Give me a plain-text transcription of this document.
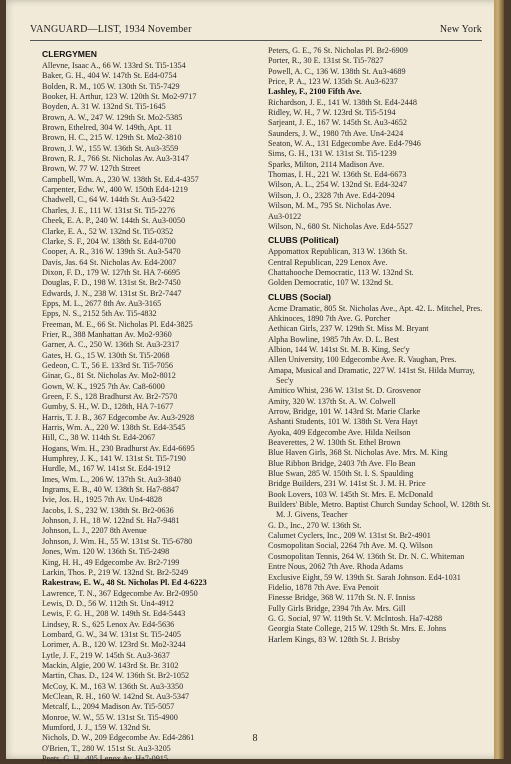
VANGUARD—LIST, 1934 November	New York
CLERGYMEN
Allevne, Isaac A., 66 W. 133rd St. Ti5-1354
Baker, G. H., 404 W. 147th St. Ed4-0754
Bolden, R. M., 105 W. 130th St. Ti5-7429
Booker, H. Arthur, 123 W. 120th St. Mo2-9717
Boyden, A. 31 W. 132nd St. Ti5-1645
Brown, A. W., 247 W. 129th St. Mo2-5385
Brown, Ethelred, 304 W. 149th, Apt. 11
Brown, H. C., 215 W. 129th St. Mo2-3810
Brown, J. W., 155 W. 136th St. Au3-3559
Brown, R. J., 766 St. Nicholas Av. Au3-3147
Brown, W. 77 W. 127th Street
Campbell, Wm. A., 230 W. 138th St. Ed.4-4357
Carpenter, Edw. W., 400 W. 150th Ed4-1219
Chadwell, C., 64 W. 144th St. Au3-5422
Charles, J. E., 111 W. 131st St. Ti5-2276
Cheek, E. A. P., 240 W. 144th St. Au3-0050
Clarke, E. A., 52 W. 132nd St. Ti5-0352
Clarke, S. F., 204 W. 138th St. Ed4-0700
Cooper, A. R., 316 W. 139th St. Au3-5470
Davis, Jas. 64 St. Nicholas Av. Ed4-2007
Dixon, F. D., 179 W. 127th St. HA 7-6695
Douglas, F. D., 198 W. 131st St. Br2-7450
Edwards, J. N., 238 W. 131st St. Br2-7447
Epps, M. L., 2677 8th Av. Au3-3165
Epps, N. S., 2152 5th Av. Ti5-4832
Freeman, M. E., 66 St. Nicholas Pl. Ed4-3825
Frier, R., 388 Manhattan Av. Mo2-9360
Garner, A. C., 250 W. 136th St. Au3-2317
Gates, H. G., 15 W. 130th St. Ti5-2068
Gedeon, C. T., 56 E. 133rd St. Ti5-7056
Ginar, G., 81 St. Nicholas Av. Mo2-8012
Gown, W. K., 1925 7th Av. Ca8-6000
Green, F. S., 128 Bradhurst Av. Br2-7570
Gumby, S. H., W. D., 128th, HA 7-1677
Harris, T. J. B., 367 Edgecombe Av. Au3-2928
Harris, Wm. A., 220 W. 138th St. Ed4-3545
Hill, C., 38 W. 114th St. Ed4-2067
Hogans, Wm. H., 230 Bradhurst Av. Ed4-6695
Humphrey, J. K., 141 W. 131st St. Ti5-7190
Hurdle, M., 167 W. 141st St. Ed4-1912
Imes, Wm. L., 206 W. 137th St. Au3-3840
Ingrams, E. B., 40 W. 138th St. Ha7-8847
Ivie, Jos. H., 1925 7th Av. Un4-4828
Jacobs, I. S., 232 W. 138th St. Br2-0636
Johnson, J. H., 18 W. 122nd St. Ha7-9481
Johnson, L. J., 2207 8th Avenue
Johnson, J. Wm. H., 55 W. 131st St. Ti5-6780
Jones, Wm. 120 W. 136th St. Ti5-2498
King, H. H., 49 Edgecombe Av. Br2-7199
Larkin, Thos. P., 219 W. 132nd St. Br2-5249
Rakestraw, E. W., 48 St. Nicholas Pl. Ed 4-6223
Lawrence, T. N., 367 Edgecombe Av. Br2-0950
Lewis, D. D., 56 W. 112th St. Un4-4912
Lewis, F. G. H., 208 W. 149th St. Ed4-5443
Lindsey, R. S., 625 Lenox Av. Ed4-5636
Lombard, G. W., 34 W. 131st St. Ti5-2405
Lorimer, A. B., 120 W. 123rd St. Mo2-3244
Lytle, J. F., 219 W. 145th St. Au3-3637
Mackin, Algie, 200 W. 143rd St. Br. 3102
Martin, Chas. D., 124 W. 136th St. Br2-1052
McCoy, K. M., 163 W. 136th St. Au3-3350
McClean, R. H., 160 W. 142nd St. Au3-5347
Metcalf, L., 2094 Madison Av. Ti5-5057
Monroe, W. W., 55 W. 131st St. Ti5-4900
Mumford, J. J., 159 W. 132nd St.
Nichols, D. W., 209 Edgecombe Av. Ed4-2861
O'Brien, T., 280 W. 151st St. Au3-3205
Peets, G. H., 405 Lenox Av. Ha7-0915
Peters, G. E., 76 St. Nicholas Pl. Br2-6909
Porter, R., 30 E. 131st St. Ti5-7827
Powell, A. C., 136 W. 138th St. Au3-4689
Price, P. A., 123 W. 135th St. Au3-6237
Lashley, F., 2100 Fifth Ave.
Richardson, J. E., 141 W. 138th St. Ed4-2448
Ridley, W. H., 7 W. 123rd St. Ti5-5194
Sarjeant, J. E., 167 W. 145th St. Au3-4652
Saunders, J. W., 1980 7th Ave. Un4-2424
Seaton, W. A., 131 Edgecombe Ave. Ed4-7946
Sims, G. H., 131 W. 131st St. Ti5-1239
Sparks, Milton, 2114 Madison Ave.
Thomas, I. H., 221 W. 136th St. Ed4-6673
Wilson, A. L., 254 W. 132nd St. Ed4-3247
Wilson, J. O., 2328 7th Ave. Ed4-2094
Wilson, M. M., 795 St. Nicholas Ave.
Au3-0122
Wilson, N., 680 St. Nicholas Ave. Ed4-5527
CLUBS (Political)
Appomattox Republican, 313 W. 136th St.
Central Republican, 229 Lenox Ave.
Chattahooche Democratic, 113 W. 132nd St.
Golden Democratic, 107 W. 132nd St.
CLUBS (Social)
Acme Dramatic, 805 St. Nicholas Ave., Apt. 42. L. Mitchel, Pres.
Ahkinoces, 1890 7th Ave. G. Porcher
Aethican Girls, 237 W. 129th St. Miss M. Bryant
Alpha Bowline, 1985 7th Av. D. L. Best
Albion, 144 W. 141st St. M. B. King, Sec'y
Allen University, 100 Edgecombe Ave. R. Vaughan, Pres.
Amapa, Musical and Dramatic, 227 W. 141st St. Hilda Murray, Sec'y
Amitico Whist, 236 W. 131st St. D. Grosvenor
Amity, 320 W. 137th St. A. W. Colwell
Arrow, Bridge, 101 W. 143rd St. Marie Clarke
Ashanti Students, 101 W. 138th St. Vera Hayt
Ayoka, 409 Edgecombe Ave. Hilda Neilson
Beaverettes, 2 W. 130th St. Ethel Brown
Blue Haven Girls, 368 St. Nicholas Ave. Mrs. M. King
Blue Ribbon Bridge, 2403 7th Ave. Flo Bean
Blue Swan, 285 W. 150th St. I. S. Spaulding
Bridge Builders, 231 W. 141st St. J. M. H. Price
Book Lovers, 103 W. 145th St. Mrs. E. McDonald
Builders' Bible, Metro. Baptist Church Sunday School, W. 128th St. M. J. Givens, Teacher
G. D., Inc., 270 W. 136th St.
Calumet Cyclers, Inc., 209 W. 131st St. Br2-4901
Cosmopolitan Social, 2264 7th Ave. M. Q. Wilson
Cosmopolitan Tennis, 264 W. 136th St. Dr. N. C. Whiteman
Entre Nous, 2062 7th Ave. Rhoda Adams
Exclusive Eight, 59 W. 139th St. Sarah Johnson. Ed4-1031
Fidelio, 1878 7th Ave. Eva Penoit
Finesse Bridge, 368 W. 117th St. N. F. Inniss
Fully Girls Bridge, 2394 7th Av. Mrs. Gill
G. G. Social, 97 W. 119th St. V. McIntosh. Ha7-4288
Georgia State College, 215 W. 129th St. Mrs. E. Johns
Harlem Kings, 83 W. 128th St. J. Brisby
8
